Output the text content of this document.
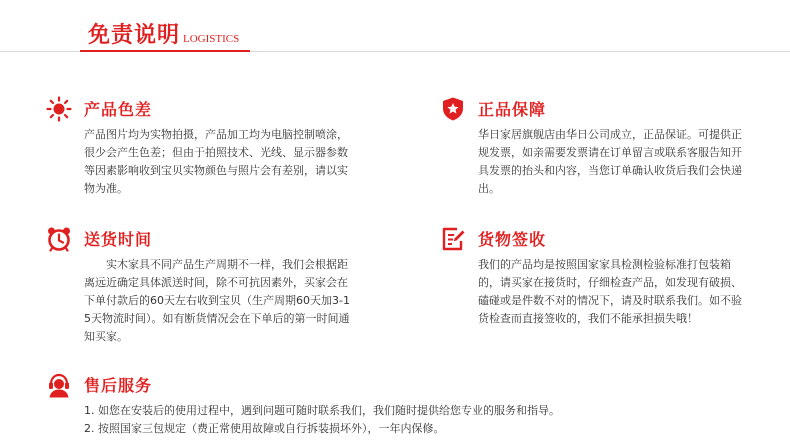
免责说明 LOGISTICS
产品色差

产品图片均为实物拍摄，产品加工均为电脑控制喷涂，很少会产生色差；但由于拍照技术、光线、显示器参数等因素影响收到宝贝实物颜色与照片会有差别，请以实物为准。

正品保障

华日家居旗舰店由华日公司成立，正品保证。可提供正规发票，如亲需要发票请在订单留言或联系客服告知开具发票的抬头和内容，当您订单确认收货后我们会快递出。

送货时间

实木家具不同产品生产周期不一样，我们会根据距离远近确定具体派送时间，除不可抗因素外，买家会在下单付款后的60天左右收到宝贝（生产周期60天加3-15天物流时间）。如有断货情况会在下单后的第一时间通知买家。

货物签收

我们的产品均是按照国家家具检测检验标准打包装箱的，请买家在接货时，仔细检查产品，如发现有破损、磕碰或是件数不对的情况下，请及时联系我们。如不验货检查而直接签收的，我们不能承担损失哦！

售后服务

1. 如您在安装后的使用过程中，遇到问题可随时联系我们，我们随时提供给您专业的服务和指导。

2. 按照国家三包规定（费正常使用故障或自行拆装损坏外），一年内保修。
